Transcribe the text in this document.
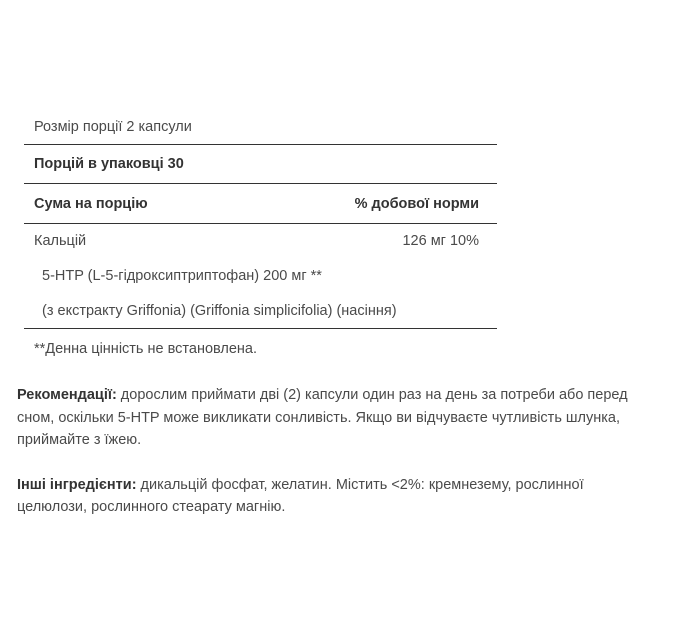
Розмір порції 2 капсули
Порцій в упаковці 30
Сума на порцію	% добової норми
Кальцій	126 мг 10%
5-HTP (L-5-гідроксиптриптофан) 200 мг **
(з екстракту Griffonia) (Griffonia simplicifolia) (насіння)
**Денна цінність не встановлена.

Рекомендації: дорослим приймати дві (2) капсули один раз на день за потреби або перед сном, оскільки 5-HTP може викликати сонливість. Якщо ви відчуваєте чутливість шлунка, приймайте з їжею.

Інші інгредієнти: дикальцій фосфат, желатин. Містить <2%: кремнезему, рослинної целюлози, рослинного стеарату магнію.
